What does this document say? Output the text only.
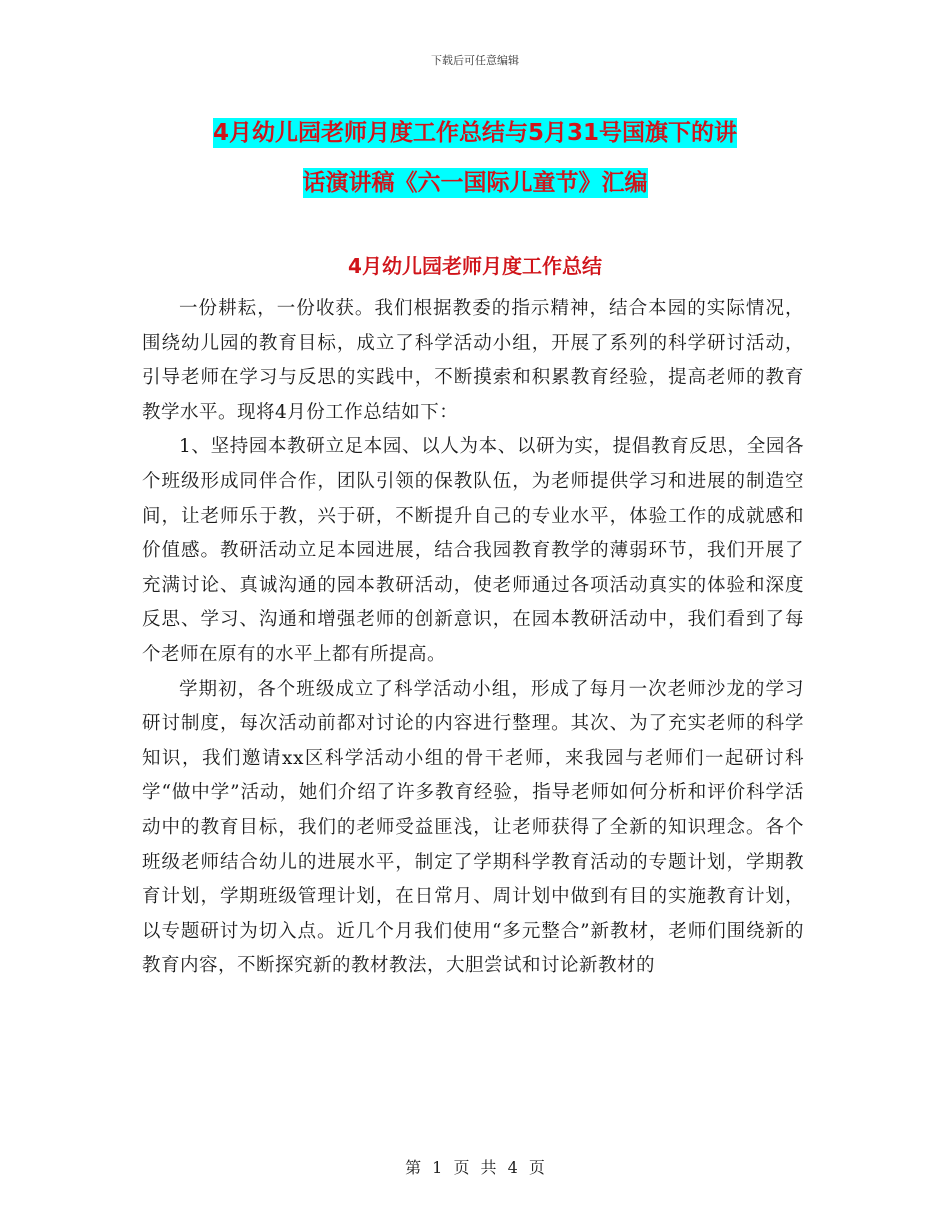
下载后可任意编辑
4月幼儿园老师月度工作总结与5月31号国旗下的讲
话演讲稿《六一国际儿童节》汇编
4月幼儿园老师月度工作总结

一份耕耘，一份收获。我们根据教委的指示精神，结合本园的实际情况，围绕幼儿园的教育目标，成立了科学活动小组，开展了系列的科学研讨活动，引导老师在学习与反思的实践中，不断摸索和积累教育经验，提高老师的教育教学水平。现将4月份工作总结如下：

1、坚持园本教研立足本园、以人为本、以研为实，提倡教育反思，全园各个班级形成同伴合作，团队引领的保教队伍，为老师提供学习和进展的制造空间，让老师乐于教，兴于研，不断提升自己的专业水平，体验工作的成就感和价值感。教研活动立足本园进展，结合我园教育教学的薄弱环节，我们开展了充满讨论、真诚沟通的园本教研活动，使老师通过各项活动真实的体验和深度反思、学习、沟通和增强老师的创新意识，在园本教研活动中，我们看到了每个老师在原有的水平上都有所提高。

学期初，各个班级成立了科学活动小组，形成了每月一次老师沙龙的学习研讨制度，每次活动前都对讨论的内容进行整理。其次、为了充实老师的科学知识，我们邀请xx区科学活动小组的骨干老师，来我园与老师们一起研讨科学“做中学”活动，她们介绍了许多教育经验，指导老师如何分析和评价科学活动中的教育目标，我们的老师受益匪浅，让老师获得了全新的知识理念。各个班级老师结合幼儿的进展水平，制定了学期科学教育活动的专题计划，学期教育计划，学期班级管理计划，在日常月、周计划中做到有目的实施教育计划，以专题研讨为切入点。近几个月我们使用“多元整合”新教材，老师们围绕新的教育内容，不断探究新的教材教法，大胆尝试和讨论新教材的

第 1 页 共 4 页
